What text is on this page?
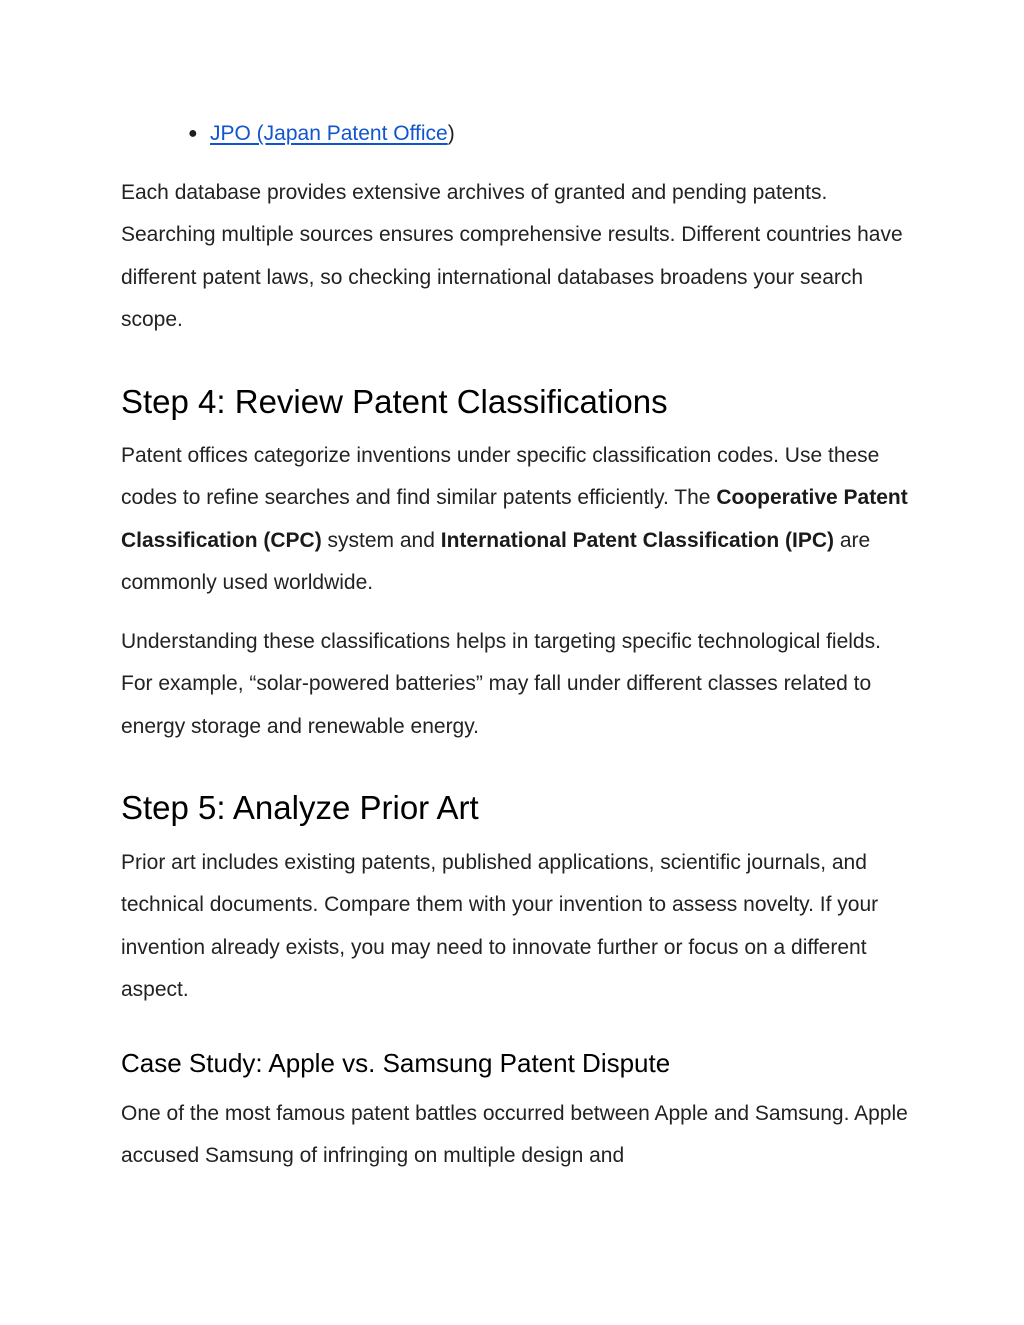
● JPO (Japan Patent Office)

Each database provides extensive archives of granted and pending patents. Searching multiple sources ensures comprehensive results. Different countries have different patent laws, so checking international databases broadens your search scope.

Step 4: Review Patent Classifications

Patent offices categorize inventions under specific classification codes. Use these codes to refine searches and find similar patents efficiently. The Cooperative Patent Classification (CPC) system and International Patent Classification (IPC) are commonly used worldwide.

Understanding these classifications helps in targeting specific technological fields. For example, “solar-powered batteries” may fall under different classes related to energy storage and renewable energy.

Step 5: Analyze Prior Art

Prior art includes existing patents, published applications, scientific journals, and technical documents. Compare them with your invention to assess novelty. If your invention already exists, you may need to innovate further or focus on a different aspect.

Case Study: Apple vs. Samsung Patent Dispute

One of the most famous patent battles occurred between Apple and Samsung. Apple accused Samsung of infringing on multiple design and
